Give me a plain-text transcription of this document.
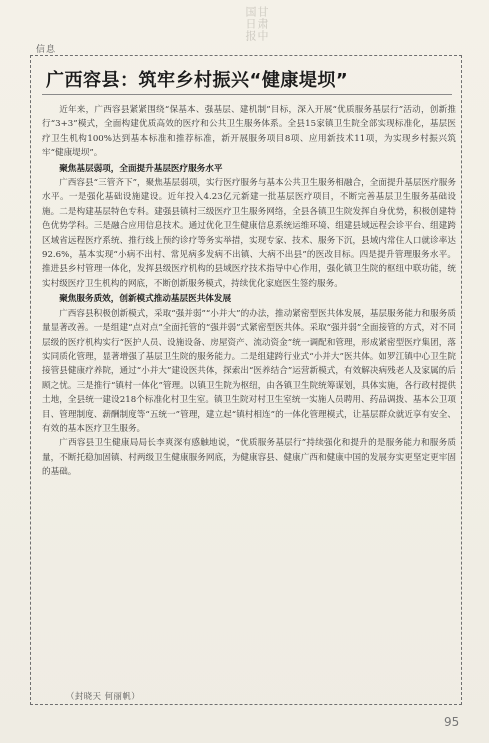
甘肃中国日报
信息
广西容县：筑牢乡村振兴“健康堤坝”

近年来，广西容县紧紧围绕“保基本、强基层、建机制”目标，深入开展“优质服务基层行”活动，创新推行“3+3”模式，全面构建优质高效的医疗和公共卫生服务体系。全县15家镇卫生院全部实现标准化，基层医疗卫生机构100%达到基本标准和推荐标准，新开展服务项目8项、应用新技术11项，为实现乡村振兴筑牢“健康堤坝”。

聚焦基层弱项，全面提升基层医疗服务水平

广西容县“三管齐下”，聚焦基层弱项，实行医疗服务与基本公共卫生服务相融合，全面提升基层医疗服务水平。一是强化基础设施建设。近年投入4.23亿元新建一批基层医疗项目，不断完善基层卫生服务基础设施。二是构建基层特色专科。建强县镇村三级医疗卫生服务网络，全县各镇卫生院发挥自身优势，积极创建特色优势学科。三是融合应用信息技术。通过优化卫生健康信息系统运维环境、组建县域远程会诊平台、组建跨区域省远程医疗系统、推行线上预约诊疗等务实举措，实现专家、技术、服务下沉，县域内常住人口就诊率达92.6%，基本实现“小病不出村、常见病多发病不出镇、大病不出县”的医改目标。四是提升管理服务水平。推进县乡村管理一体化，发挥县级医疗机构的县域医疗技术指导中心作用，强化镇卫生院的枢纽中联功能，统实村级医疗卫生机构的网底，不断创新服务模式，持续优化家庭医生签约服务。

聚焦服务质效，创新模式推动基层医共体发展

广西容县积极创新模式，采取“强并弱”“小并大”的办法，推动紧密型医共体发展，基层服务能力和服务质量显著改善。一是组建“点对点”全面托管的“强并弱”式紧密型医共体。采取“强并弱”全面接管的方式，对不同层级的医疗机构实行“医护人员、设施设备、房屋资产、流动资金”统一调配和管理，形成紧密型医疗集团，落实同质化管理，显著增强了基层卫生院的服务能力。二是组建跨行业式“小并大”医共体。如罗江镇中心卫生院接管县健康疗养院，通过“小并大”建设医共体，探索出“医养结合”运营新模式，有效解决病残老人及家属的后顾之忧。三是推行“镇村一体化”管理。以镇卫生院为枢纽，由各镇卫生院统筹谋划，具体实施，各行政村提供土地，全县统一建设218个标准化村卫生室。镇卫生院对村卫生室统一实施人员聘用、药品调拨、基本公卫项目、管理制度、薪酬制度等“五统一”管理，建立起“镇村相连”的一体化管理模式，让基层群众就近享有安全、有效的基本医疗卫生服务。

广西容县卫生健康局局长李爽深有感触地说，“优质服务基层行”持续强化和提升的是服务能力和服务质量，不断托稳加固镇、村两级卫生健康服务网底，为健康容县、健康广西和健康中国的发展夯实更坚定更牢固的基础。

（封晓天 何丽帆）
95
